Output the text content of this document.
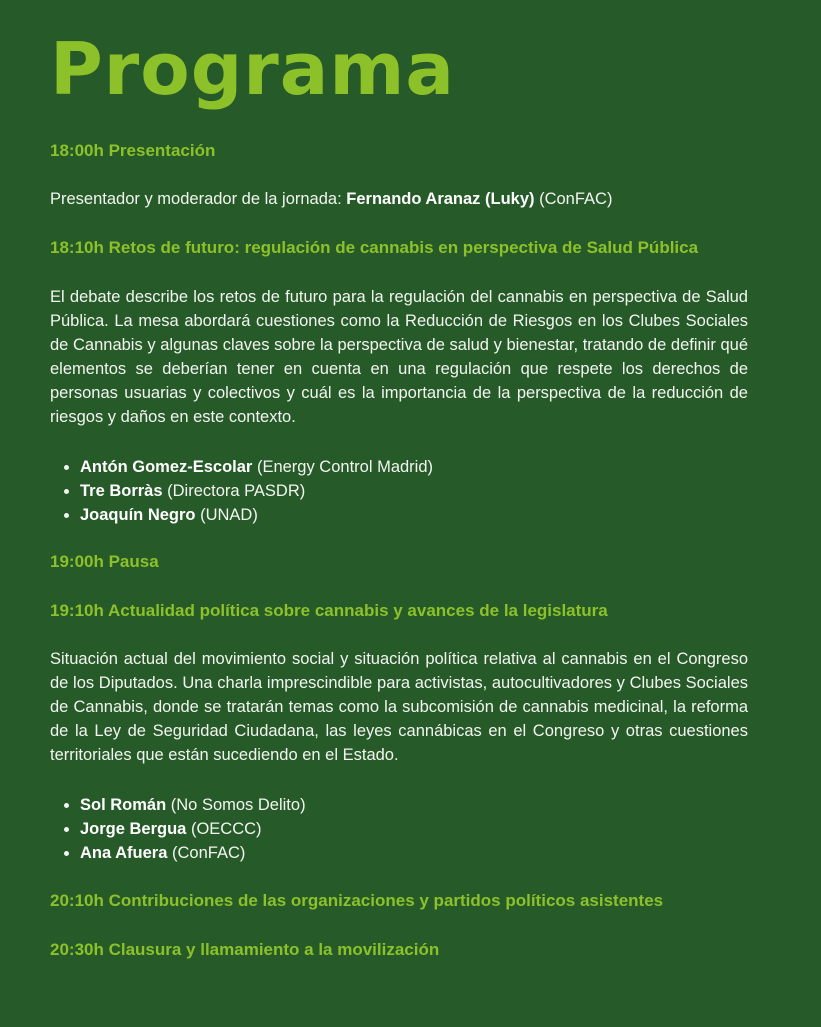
Programa
18:00h Presentación

Presentador y moderador de la jornada: Fernando Aranaz (Luky) (ConFAC)

18:10h Retos de futuro: regulación de cannabis en perspectiva de Salud Pública

El debate describe los retos de futuro para la regulación del cannabis en perspectiva de Salud Pública. La mesa abordará cuestiones como la Reducción de Riesgos en los Clubes Sociales de Cannabis y algunas claves sobre la perspectiva de salud y bienestar, tratando de definir qué elementos se deberían tener en cuenta en una regulación que respete los derechos de personas usuarias y colectivos y cuál es la importancia de la perspectiva de la reducción de riesgos y daños en este contexto.

• Antón Gomez-Escolar (Energy Control Madrid)
• Tre Borràs (Directora PASDR)
• Joaquín Negro (UNAD)
19:00h Pausa
19:10h Actualidad política sobre cannabis y avances de la legislatura

Situación actual del movimiento social y situación política relativa al cannabis en el Congreso de los Diputados. Una charla imprescindible para activistas, autocultivadores y Clubes Sociales de Cannabis, donde se tratarán temas como la subcomisión de cannabis medicinal, la reforma de la Ley de Seguridad Ciudadana, las leyes cannábicas en el Congreso y otras cuestiones territoriales que están sucediendo en el Estado.

• Sol Román (No Somos Delito)
• Jorge Bergua (OECCC)
• Ana Afuera (ConFAC)
20:10h Contribuciones de las organizaciones y partidos políticos asistentes
20:30h Clausura y llamamiento a la movilización
